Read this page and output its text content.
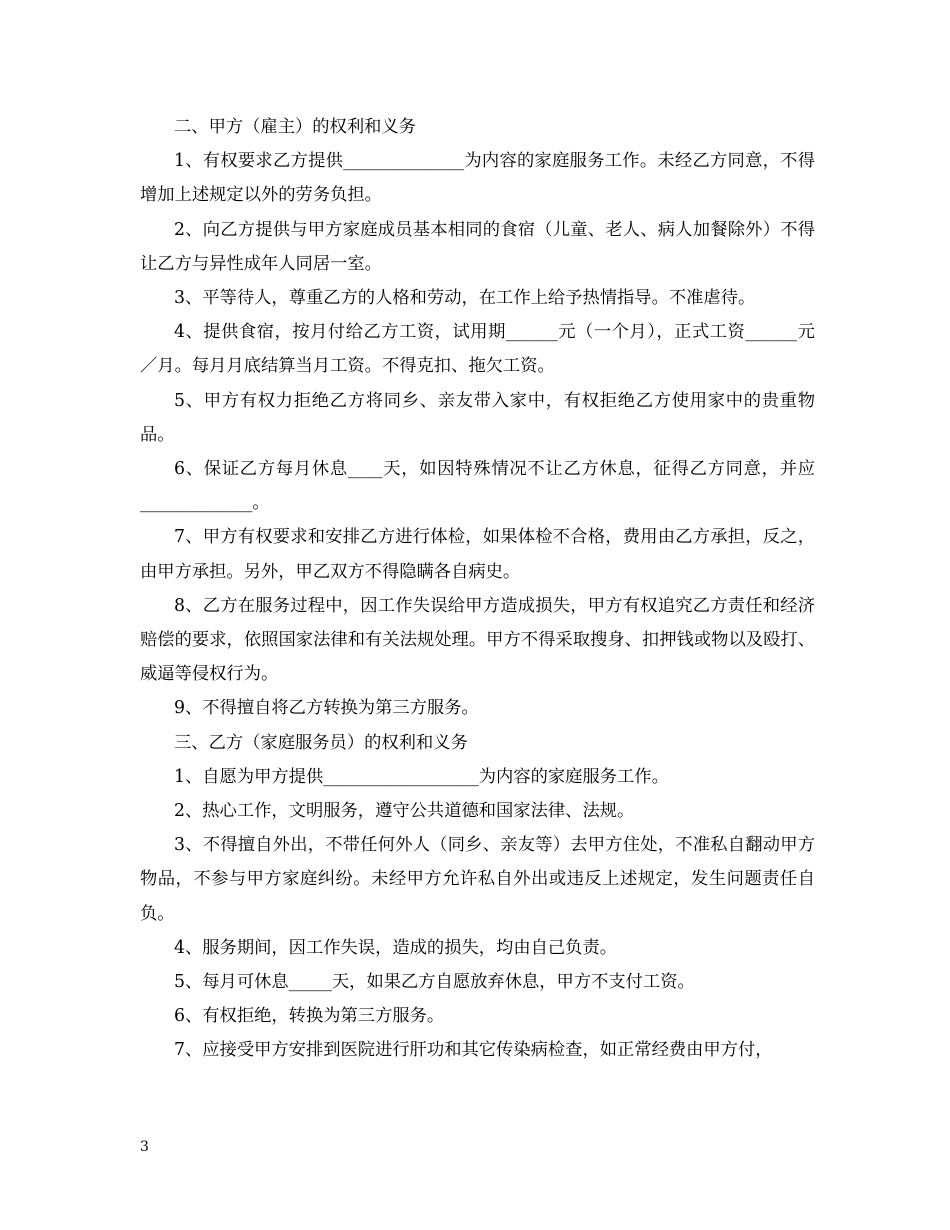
二、甲方（雇主）的权利和义务

1、有权要求乙方提供______________为内容的家庭服务工作。未经乙方同意，不得增加上述规定以外的劳务负担。

2、向乙方提供与甲方家庭成员基本相同的食宿（儿童、老人、病人加餐除外）不得让乙方与异性成年人同居一室。

3、平等待人，尊重乙方的人格和劳动，在工作上给予热情指导。不准虐待。

4、提供食宿，按月付给乙方工资，试用期______元（一个月），正式工资______元／月。每月月底结算当月工资。不得克扣、拖欠工资。

5、甲方有权力拒绝乙方将同乡、亲友带入家中，有权拒绝乙方使用家中的贵重物品。

6、保证乙方每月休息____天，如因特殊情况不让乙方休息，征得乙方同意，并应_____________。

7、甲方有权要求和安排乙方进行体检，如果体检不合格，费用由乙方承担，反之，由甲方承担。另外，甲乙双方不得隐瞒各自病史。

8、乙方在服务过程中，因工作失误给甲方造成损失，甲方有权追究乙方责任和经济赔偿的要求，依照国家法律和有关法规处理。甲方不得采取搜身、扣押钱或物以及殴打、威逼等侵权行为。

9、不得擅自将乙方转换为第三方服务。

三、乙方（家庭服务员）的权利和义务

1、自愿为甲方提供__________________为内容的家庭服务工作。

2、热心工作，文明服务，遵守公共道德和国家法律、法规。

3、不得擅自外出，不带任何外人（同乡、亲友等）去甲方住处，不准私自翻动甲方物品，不参与甲方家庭纠纷。未经甲方允许私自外出或违反上述规定，发生问题责任自负。

4、服务期间，因工作失误，造成的损失，均由自己负责。

5、每月可休息_____天，如果乙方自愿放弃休息，甲方不支付工资。

6、有权拒绝，转换为第三方服务。

7、应接受甲方安排到医院进行肝功和其它传染病检查，如正常经费由甲方付，

3
